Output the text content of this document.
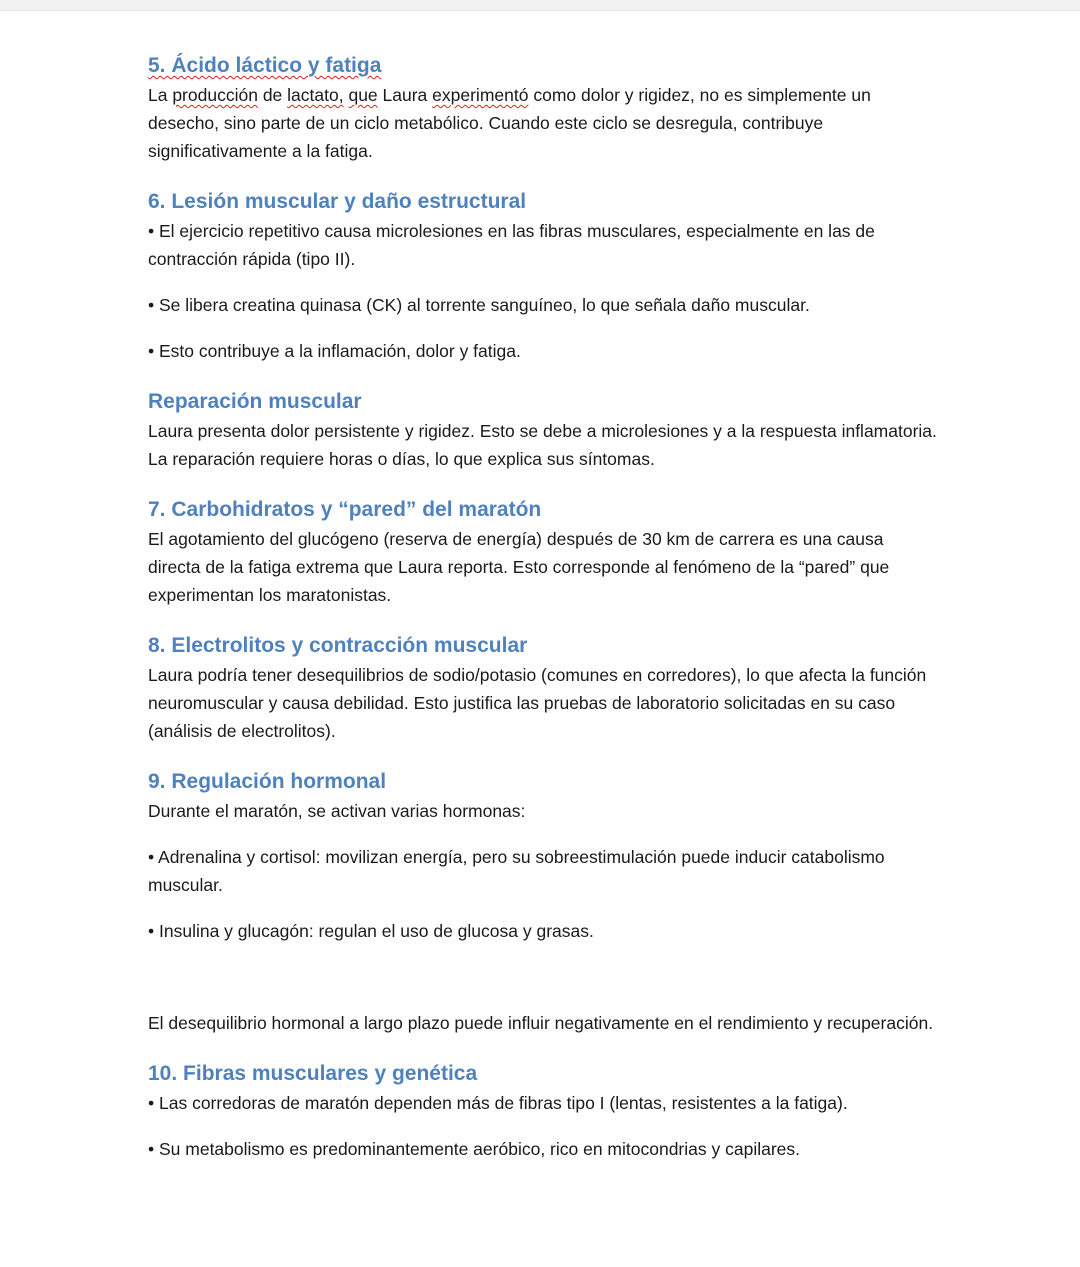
5. Ácido láctico y fatiga

La producción de lactato, que Laura experimentó como dolor y rigidez, no es simplemente un desecho, sino parte de un ciclo metabólico. Cuando este ciclo se desregula, contribuye significativamente a la fatiga.

6. Lesión muscular y daño estructural

• El ejercicio repetitivo causa microlesiones en las fibras musculares, especialmente en las de contracción rápida (tipo II).

• Se libera creatina quinasa (CK) al torrente sanguíneo, lo que señala daño muscular.

• Esto contribuye a la inflamación, dolor y fatiga.

Reparación muscular

Laura presenta dolor persistente y rigidez. Esto se debe a microlesiones y a la respuesta inflamatoria. La reparación requiere horas o días, lo que explica sus síntomas.

7. Carbohidratos y “pared” del maratón

El agotamiento del glucógeno (reserva de energía) después de 30 km de carrera es una causa directa de la fatiga extrema que Laura reporta. Esto corresponde al fenómeno de la “pared” que experimentan los maratonistas.

8. Electrolitos y contracción muscular

Laura podría tener desequilibrios de sodio/potasio (comunes en corredores), lo que afecta la función neuromuscular y causa debilidad. Esto justifica las pruebas de laboratorio solicitadas en su caso (análisis de electrolitos).

9. Regulación hormonal

Durante el maratón, se activan varias hormonas:

• Adrenalina y cortisol: movilizan energía, pero su sobreestimulación puede inducir catabolismo muscular.

• Insulina y glucagón: regulan el uso de glucosa y grasas.

El desequilibrio hormonal a largo plazo puede influir negativamente en el rendimiento y recuperación.

10. Fibras musculares y genética

• Las corredoras de maratón dependen más de fibras tipo I (lentas, resistentes a la fatiga).

• Su metabolismo es predominantemente aeróbico, rico en mitocondrias y capilares.
